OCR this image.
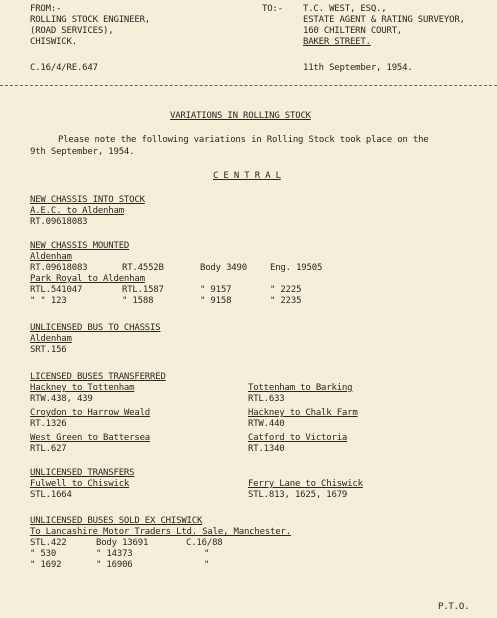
FROM:-
ROLLING STOCK ENGINEER,
(ROAD SERVICES),
CHISWICK.
C.16/4/RE.647
TO:- T.C. WEST, ESQ.,
ESTATE AGENT & RATING SURVEYOR,
160 CHILTERN COURT,
BAKER STREET.
11th September, 1954.
VARIATIONS IN ROLLING STOCK
Please note the following variations in Rolling Stock took place on the
9th September, 1954.
C E N T R A L
NEW CHASSIS INTO STOCK
A.E.C. to Aldenham
RT.09618083
NEW CHASSIS MOUNTED
Aldenham
RT.09618083	RT.4552B	Body 3490	Eng. 19505
Park Royal to Aldenham
RTL.541047	RTL.1587	" 9157	" 2225
" " 123	" 1588	" 9158	" 2235
UNLICENSED BUS TO CHASSIS
Aldenham
SRT.156
LICENSED BUSES TRANSFERRED
Hackney to Tottenham
RTW.438, 439
Croydon to Harrow Weald
RT.1326
West Green to Battersea
RTL.627
Tottenham to Barking
RTL.633
Hackney to Chalk Farm
RTW.440
Catford to Victoria
RT.1340
UNLICENSED TRANSFERS
Fulwell to Chiswick
STL.1664
Ferry Lane to Chiswick
STL.813, 1625, 1679
UNLICENSED BUSES SOLD EX CHISWICK
To Lancashire Motor Traders Ltd. Sale, Manchester.
STL.422	Body 13691	C.16/88
" 530	" 14373	"
" 1692	" 16906	"
P.T.O.
